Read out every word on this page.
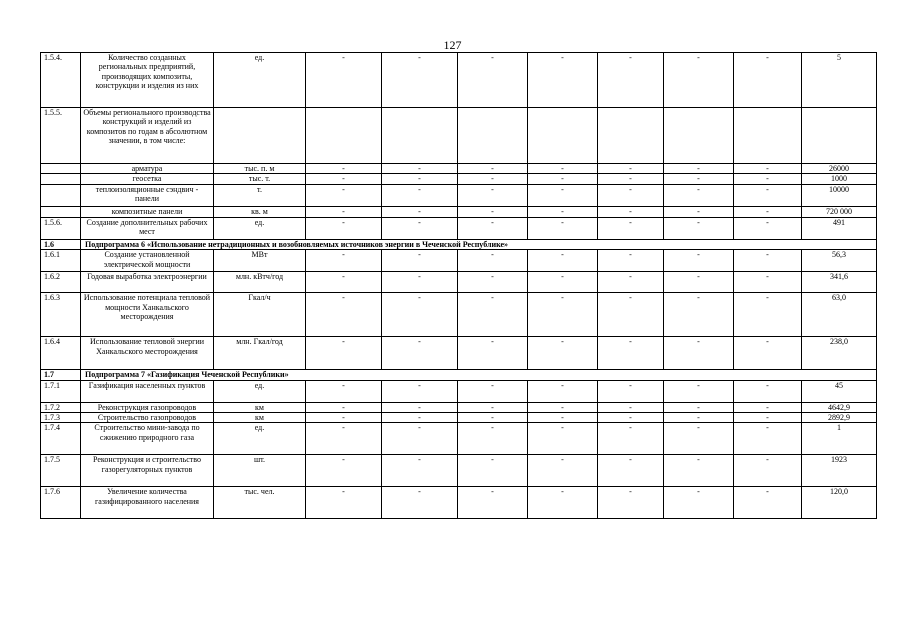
127
1.5.4.	Количество созданных региональных предприятий, производящих композиты, конструкции и изделия из них	ед.	-	-	-	-	-	-	-	5
1.5.5.	Объемы регионального производства конструкций и изделий из композитов по годам в абсолютном значении, в том числе:									
	арматура	тыс. п. м	-	-	-	-	-	-	-	26000
	геосетка	тыс. т.	-	-	-	-	-	-	-	1000
	теплоизоляционные сэндвич - панели	т.	-	-	-	-	-	-	-	10000
	композитные панели	кв. м	-	-	-	-	-	-	-	720 000
1.5.6.	Создание дополнительных рабочих мест	ед.	-	-	-	-	-	-	-	491
1.6	Подпрограмма 6 «Использование нетрадиционных и возобновляемых источников энергии в Чеченской Республике»									
1.6.1	Создание установленной электрической мощности	МВт	-	-	-	-	-	-	-	56,3
1.6.2	Годовая выработка электроэнергии	млн. кВтч/год	-	-	-	-	-	-	-	341,6
1.6.3	Использование потенциала тепловой мощности Ханкальского месторождения	Гкал/ч	-	-	-	-	-	-	-	63,0
1.6.4	Использование тепловой энергии Ханкальского месторождения	млн. Гкал/год	-	-	-	-	-	-	-	238,0
1.7	Подпрограмма 7 «Газификация Чеченской Республики»									
1.7.1	Газификация населенных пунктов	ед.	-	-	-	-	-	-	-	45
1.7.2	Реконструкция газопроводов	км	-	-	-	-	-	-	-	4642,9
1.7.3	Строительство газопроводов	км	-	-	-	-	-	-	-	2892,9
1.7.4	Строительство мини-завода по сжижению природного газа	ед.	-	-	-	-	-	-	-	1
1.7.5	Реконструкция и строительство газорегуляторных пунктов	шт.	-	-	-	-	-	-	-	1923
1.7.6	Увеличение количества газифицированного населения	тыс. чел.	-	-	-	-	-	-	-	120,0
